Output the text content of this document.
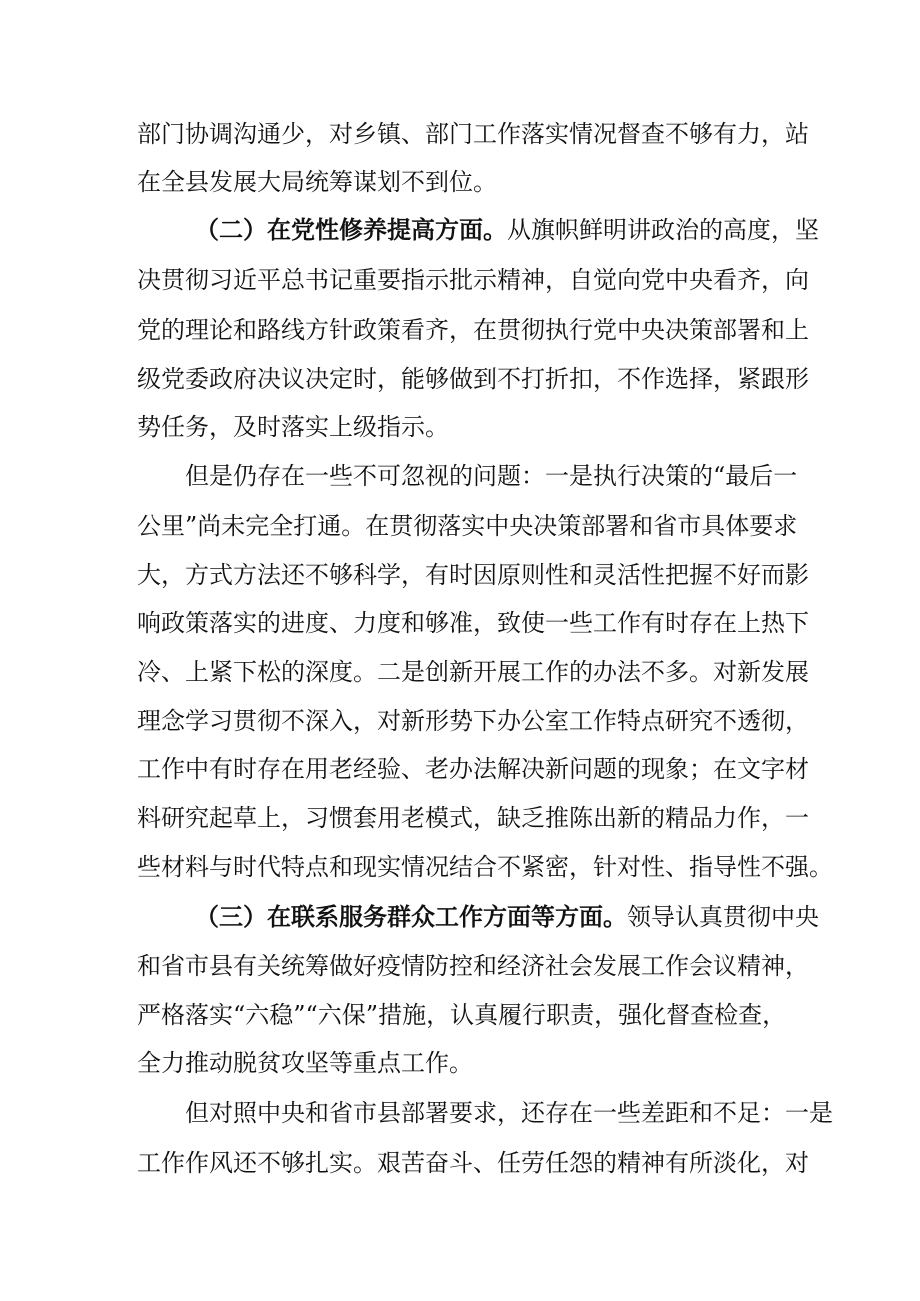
部门协调沟通少，对乡镇、部门工作落实情况督查不够有力，站
在全县发展大局统筹谋划不到位。
（二）在党性修养提高方面。从旗帜鲜明讲政治的高度，坚
决贯彻习近平总书记重要指示批示精神，自觉向党中央看齐，向
党的理论和路线方针政策看齐，在贯彻执行党中央决策部署和上
级党委政府决议决定时，能够做到不打折扣，不作选择，紧跟形
势任务，及时落实上级指示。
但是仍存在一些不可忽视的问题：一是执行决策的“最后一
公里”尚未完全打通。在贯彻落实中央决策部署和省市具体要求
大，方式方法还不够科学，有时因原则性和灵活性把握不好而影
响政策落实的进度、力度和够准，致使一些工作有时存在上热下
冷、上紧下松的深度。二是创新开展工作的办法不多。对新发展
理念学习贯彻不深入，对新形势下办公室工作特点研究不透彻，
工作中有时存在用老经验、老办法解决新问题的现象；在文字材
料研究起草上，习惯套用老模式，缺乏推陈出新的精品力作，一
些材料与时代特点和现实情况结合不紧密，针对性、指导性不强。
（三）在联系服务群众工作方面等方面。领导认真贯彻中央
和省市县有关统筹做好疫情防控和经济社会发展工作会议精神，
严格落实“六稳”“六保”措施，认真履行职责，强化督查检查，
全力推动脱贫攻坚等重点工作。
但对照中央和省市县部署要求，还存在一些差距和不足：一是
工作作风还不够扎实。艰苦奋斗、任劳任怨的精神有所淡化，对
